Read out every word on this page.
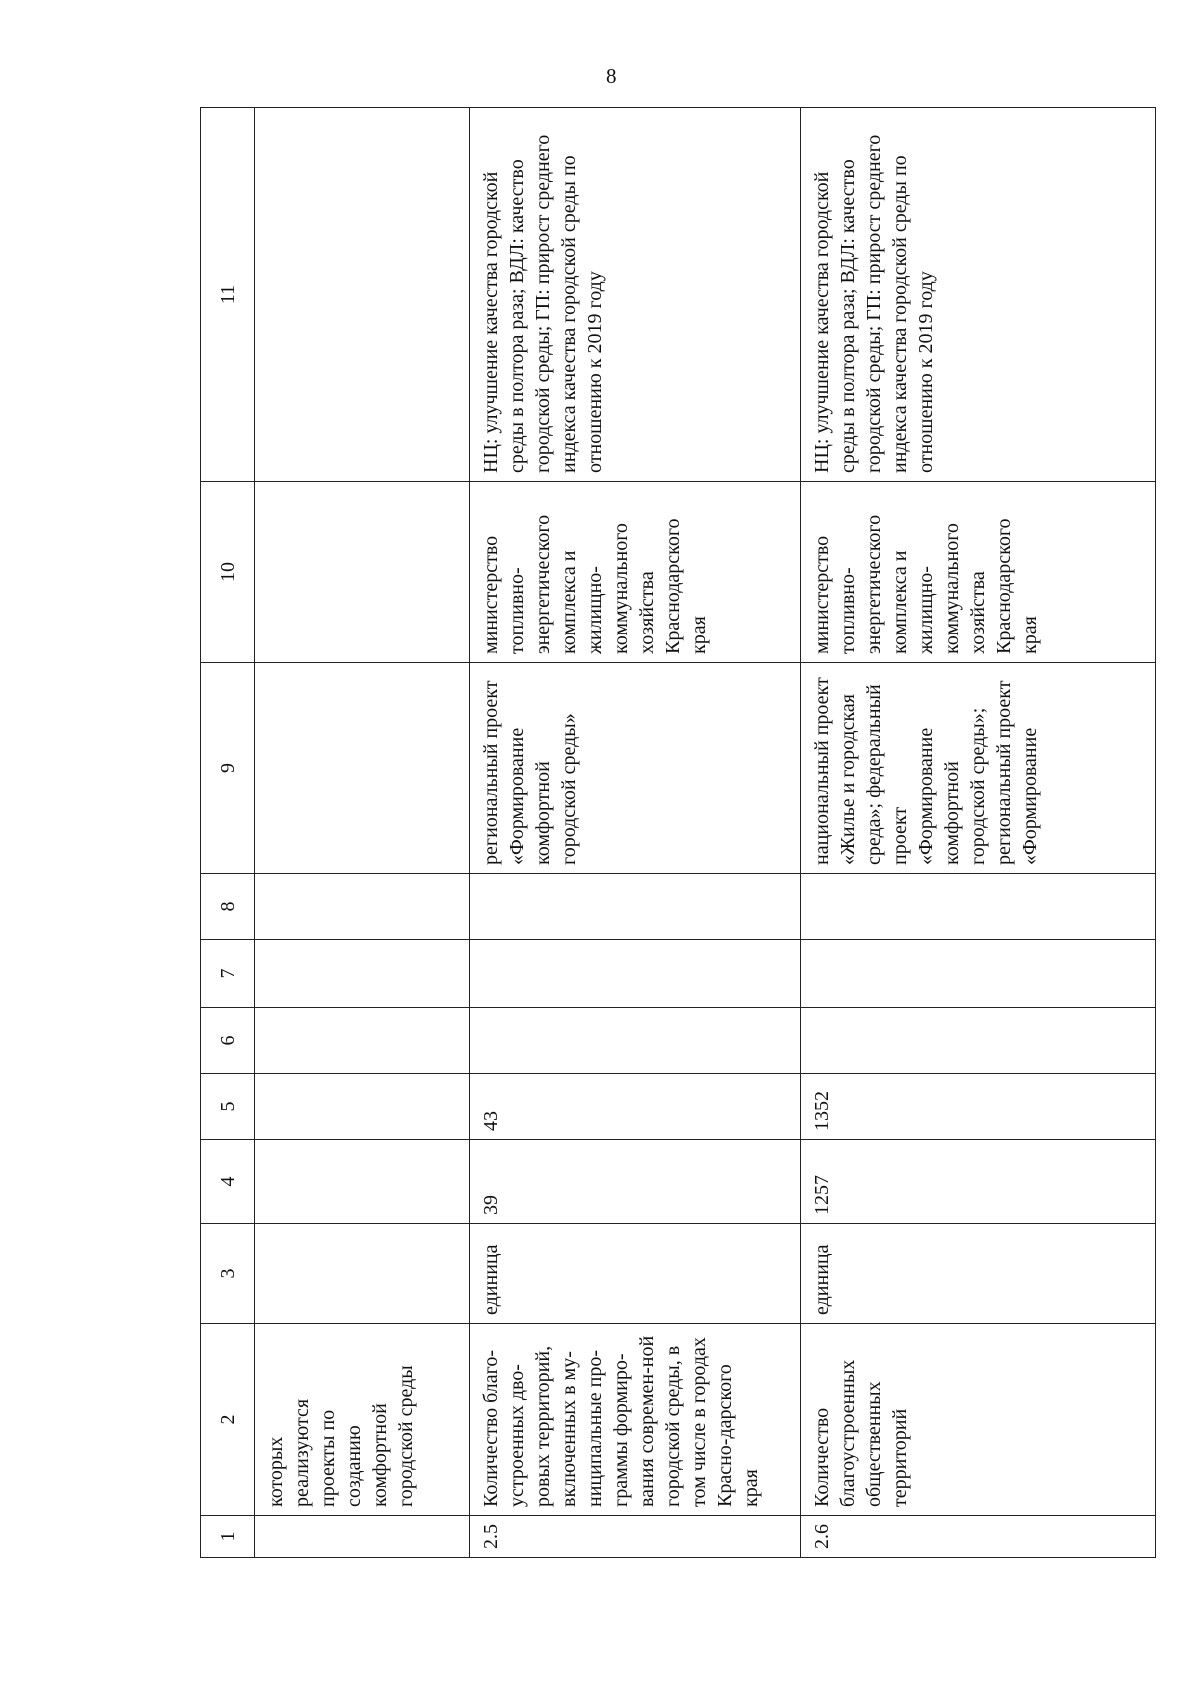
8
1	2	3	4	5	6	7	8	9	10	11
	которых реализуются проекты по созданию комфортной городской среды									
2.5	Количество благо-устроенных дво-ровых территорий, включенных в му-ниципальные про-граммы формиро-вания современ-ной городской среды, в том числе в городах Красно-дарского края	единица	39	43				региональный проект «Формирование комфортной городской среды»	министерство топливно-энергетического комплекса и жилищно-коммунального хозяйства Краснодарского края	НЦ: улучшение качества городской среды в полтора раза; ВДЛ: качество городской среды; ГП: прирост среднего индекса качества городской среды по отношению к 2019 году
2.6	Количество благоустроенных общественных территорий	единица	1257	1352				национальный проект «Жилье и городская среда»; федеральный проект «Формирование комфортной городской среды»; региональный проект «Формирование	министерство топливно-энергетического комплекса и жилищно-коммунального хозяйства Краснодарского края	НЦ: улучшение качества городской среды в полтора раза; ВДЛ: качество городской среды; ГП: прирост среднего индекса качества городской среды по отношению к 2019 году
